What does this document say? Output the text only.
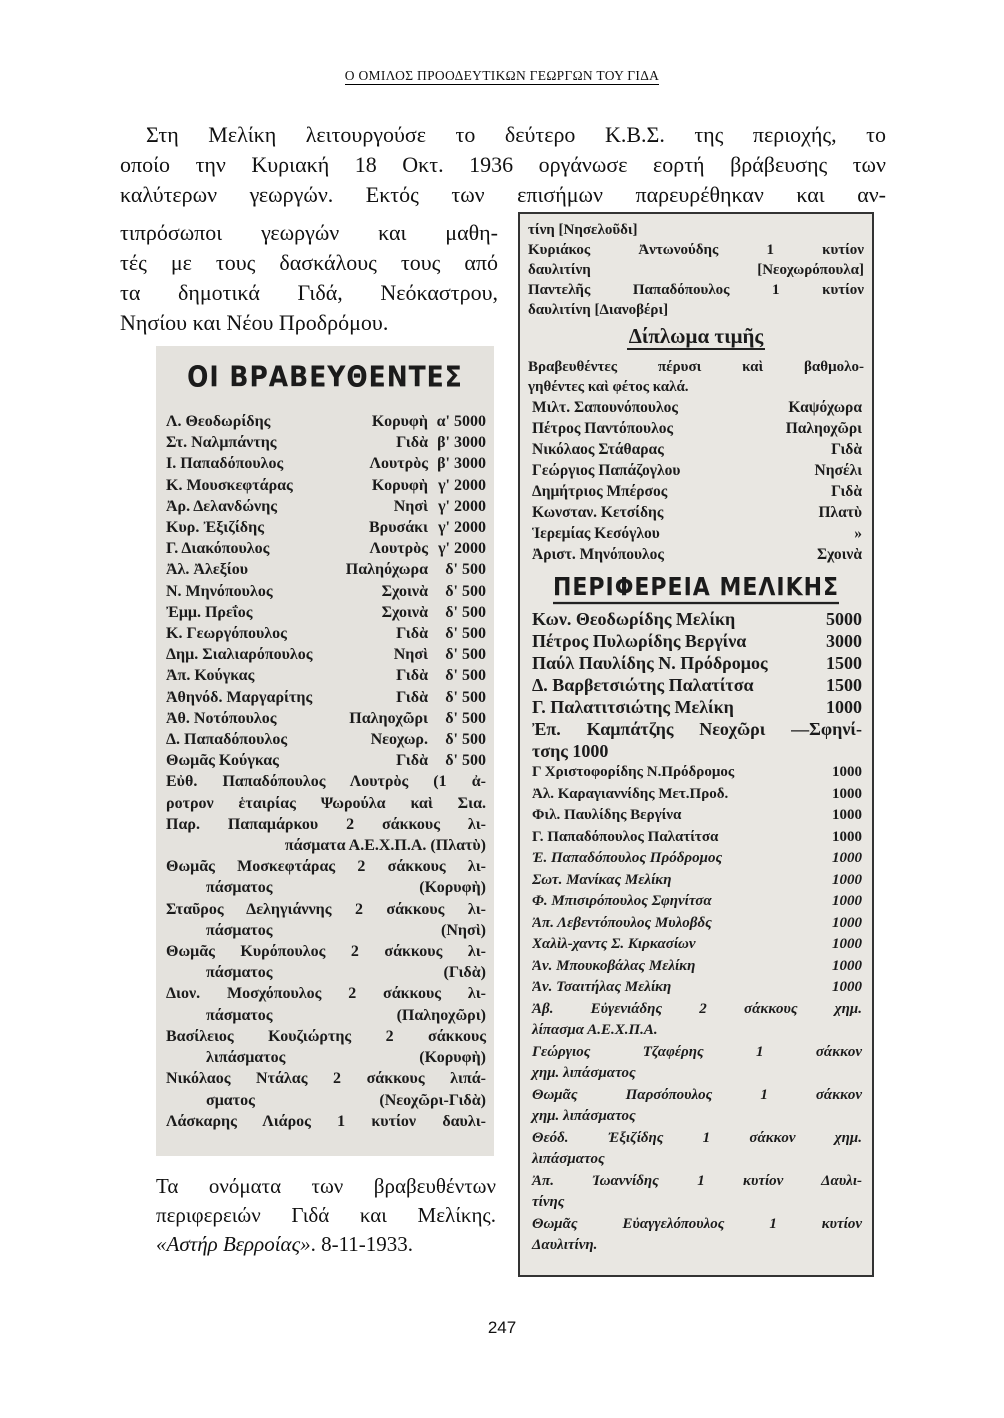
Ο ΟΜΙΛΟΣ ΠΡΟΟΔΕΥΤΙΚΩΝ ΓΕΩΡΓΩΝ ΤΟΥ ΓΙΔΑ
Στη Μελίκη λειτουργούσε το δεύτερο Κ.Β.Σ. της περιοχής, το
οποίο την Κυριακή 18 Οκτ. 1936 οργάνωσε εορτή βράβευσης των
καλύτερων γεωργών. Εκτός των επισήμων παρευρέθηκαν και αν-
τιπρόσωποι γεωργών και μαθη-
τές με τους δασκάλους τους από
τα δημοτικά Γιδά, Νεόκαστρου,
Νησίου και Νέου Προδρόμου.
ΟΙ ΒΡΑΒΕΥΘΕΝΤΕΣ
Λ. Θεοδωρίδης	Κορυφὴ α' 5000
Στ. Ναλμπάντης	Γιδὰ β' 3000
Ι. Παπαδόπουλος	Λουτρὸς β' 3000
Κ. Μουσκεφτάρας	Κορυφὴ γ' 2000
Ἀρ. Δελανδώνης	Νησὶ γ' 2000
Κυρ. Ἐξιζίδης	Βρυσάκι γ' 2000
Γ. Διακόπουλος	Λουτρὸς γ' 2000
Ἀλ. Ἀλεξίου	Παληόχωρα	δ' 500
Ν. Μηνόπουλος	Σχοινὰ	δ' 500
Ἐμμ. Πρεΐος	Σχοινὰ	δ' 500
Κ. Γεωργόπουλος	Γιδὰ	δ' 500
Δημ. Σιαλιαρόπουλος	Νησὶ	δ' 500
Ἀπ. Κούγκας	Γιδὰ	δ' 500
Ἀθηνόδ. Μαργαρίτης	Γιδὰ	δ' 500
Ἀθ. Νοτόπουλος	Παληοχῶρι	δ' 500
Δ. Παπαδόπουλος	Νεοχωρ.	δ' 500
Θωμᾶς Κούγκας	Γιδὰ	δ' 500
Εὐθ. Παπαδόπουλος Λουτρὸς (1 ἀ-
ροτρον ἑταιρίας Ψωρούλα καὶ Σια.
Παρ. Παπαμάρκου 2 σάκκους λι-
πάσματα Α.Ε.Χ.Π.Α. (Πλατὺ)
Θωμᾶς Μοσκεφτάρας 2 σάκκους λι-
πάσματος (Κορυφὴ)
Σταῦρος Δεληγιάννης 2 σάκκους λι-
πάσματος (Νησὶ)
Θωμᾶς Κυρόπουλος 2 σάκκους λι-
πάσματος (Γιδὰ)
Διον. Μοσχόπουλος 2 σάκκους λι-
πάσματος (Παληοχῶρι)
Βασίλειος Κουζιώρτης 2 σάκκους
λιπάσματος (Κορυφὴ)
Νικόλαος Ντάλας 2 σάκκους λιπά-
σματος (Νεοχῶρι-Γιδὰ)
Λάσκαρης Λιάρος 1 κυτίον δαυλι-
τίνη [Νησελοῦδι]
Κυριάκος Ἀντωνούδης 1 κυτίον
δαυλιτίνη [Νεοχωρόπουλα]
Παντελῆς Παπαδόπουλος 1 κυτίον
δαυλιτίνη [Διανοβέρι]
Δίπλωμα τιμῆς
Βραβευθέντες πέρυσι καὶ βαθμολο-
γηθέντες καὶ φέτος καλά.
Μιλτ. Σαπουνόπουλος	Καψόχωρα
Πέτρος Παντόπουλος	Παληοχῶρι
Νικόλαος Στάθαρας	Γιδὰ
Γεώργιος Παπάζογλου	Νησέλι
Δημήτριος Μπέρσος	Γιδὰ
Κωνσταν. Κετσίδης	Πλατὺ
Ἱερεμίας Κεσόγλου	»
Ἀριστ. Μηνόπουλος	Σχοινὰ
ΠΕΡΙΦΕΡΕΙΑ ΜΕΛΙΚΗΣ
Κων. Θεοδωρίδης Μελίκη	5000
Πέτρος Πυλωρίδης Βεργίνα	3000
Παύλ Παυλίδης Ν. Πρόδρομος	1500
Δ. Βαρβετσιώτης Παλατίτσα	1500
Γ. Παλατιτσιώτης Μελίκη	1000
Ἐπ. Καμπάτζης Νεοχῶρι —Σφηνί-
τσης 1000
Γ Χριστοφορίδης Ν.Πρόδρομος	1000
Ἀλ. Καραγιαννίδης Μετ.Προδ.	1000
Φιλ. Παυλίδης Βεργίνα	1000
Γ. Παπαδόπουλος Παλατίτσα	1000
Ἐ. Παπαδόπουλος Πρόδρομος	1000
Σωτ. Μανίκας Μελίκη	1000
Φ. Μπισιρόπουλος Σφηνίτσα	1000
Ἀπ. Λεβεντόπουλος Μυλοβδς	1000
Χαλὶλ-χαντς Σ. Κιρκασίων	1000
Ἀν. Μπουκοβάλας Μελίκη	1000
Ἀν. Τσαιτήλας Μελίκη	1000
Ἀβ. Εὐγενιάδης 2 σάκκους χημ.
λίπασμα Α.Ε.Χ.Π.Α.
Γεώργιος Τζαφέρης 1 σάκκον
χημ. λιπάσματος
Θωμᾶς Παρσόπουλος 1 σάκκον
χημ. λιπάσματος
Θεόδ. Ἐξιζίδης 1 σάκκον χημ.
λιπάσματος
Ἀπ. Ἰωαννίδης 1 κυτίον Δαυλι-
τίνης
Θωμᾶς Εὐαγγελόπουλος 1 κυτίον
Δαυλιτίνη.
Τα ονόματα των βραβευθέντων
περιφερειών Γιδά και Μελίκης.
«Αστήρ Βερροίας». 8-11-1933.
247
